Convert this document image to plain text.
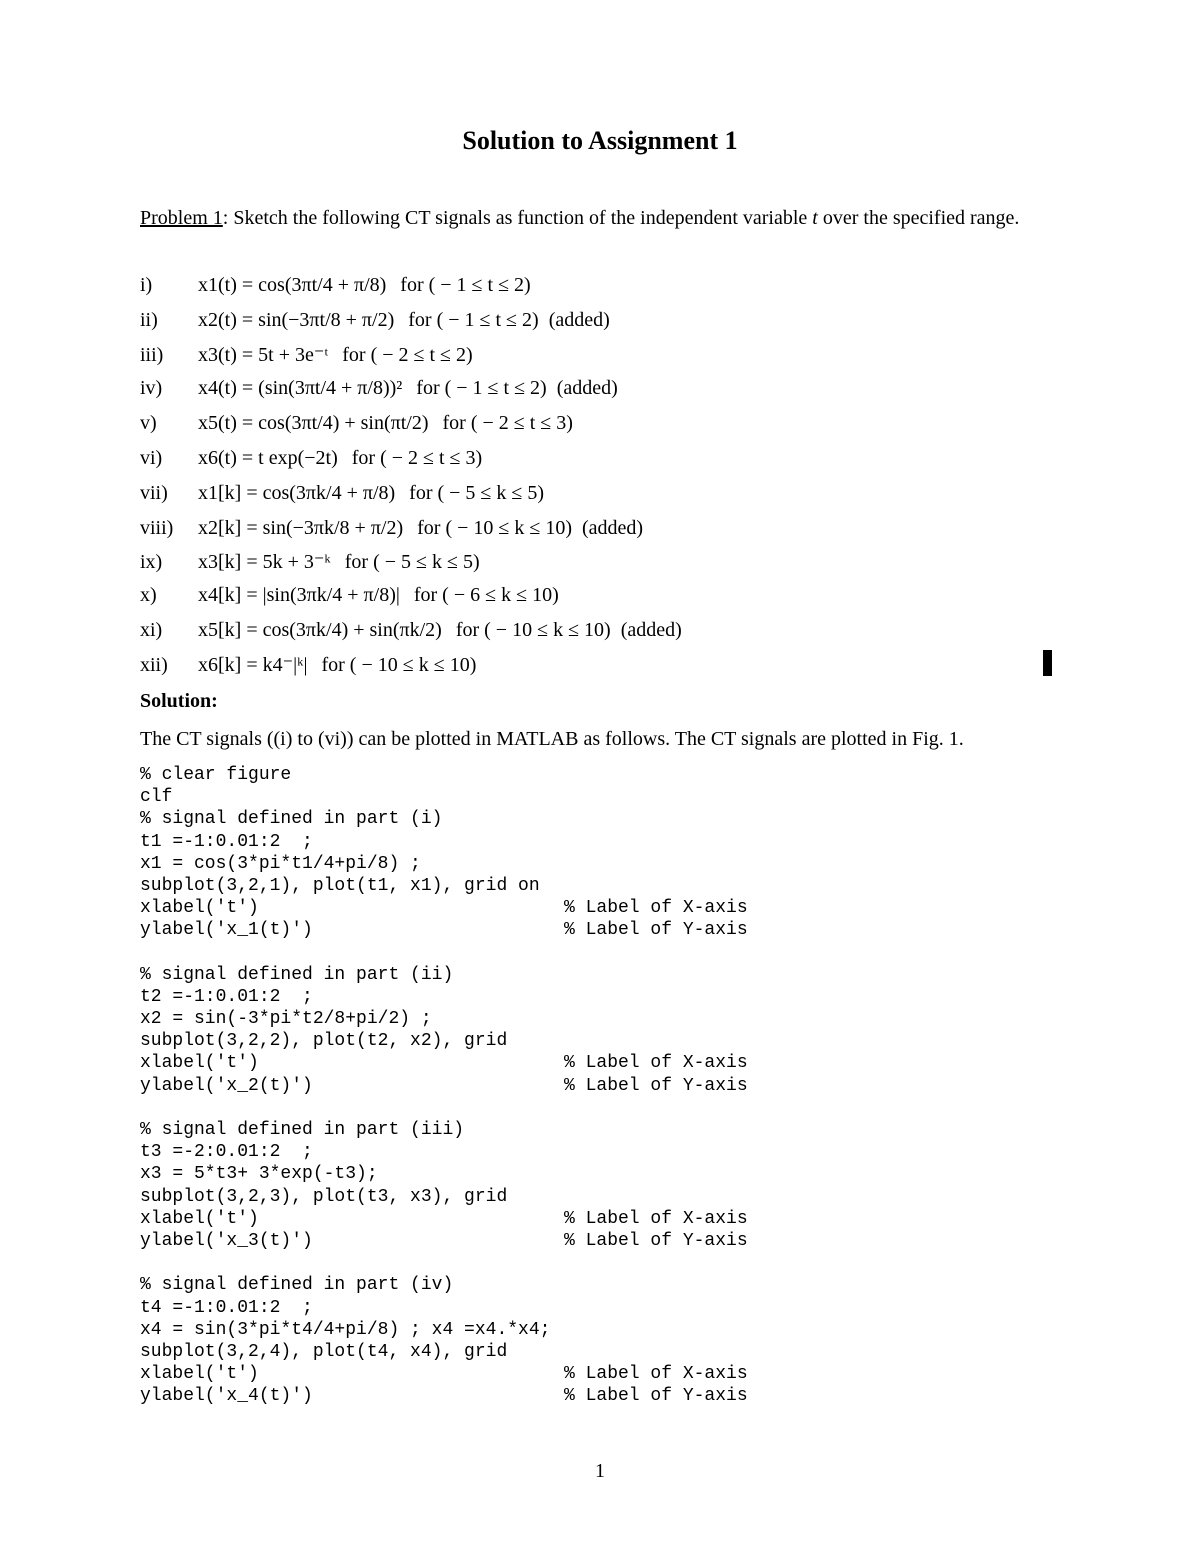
Solution to Assignment 1
Problem 1: Sketch the following CT signals as function of the independent variable t over the specified range.
i) x1(t) = cos(3πt/4 + π/8) for ( − 1 ≤ t ≤ 2)
ii) x2(t) = sin(−3πt/8 + π/2) for ( − 1 ≤ t ≤ 2) (added)
iii) x3(t) = 5t + 3e⁻ᵗ for ( − 2 ≤ t ≤ 2)
iv) x4(t) = (sin(3πt/4 + π/8))² for ( − 1 ≤ t ≤ 2) (added)
v) x5(t) = cos(3πt/4) + sin(πt/2) for ( − 2 ≤ t ≤ 3)
vi) x6(t) = t exp(−2t) for ( − 2 ≤ t ≤ 3)
vii) x1[k] = cos(3πk/4 + π/8) for ( − 5 ≤ k ≤ 5)
viii) x2[k] = sin(−3πk/8 + π/2) for ( − 10 ≤ k ≤ 10) (added)
ix) x3[k] = 5k + 3⁻ᵏ for ( − 5 ≤ k ≤ 5)
x) x4[k] = |sin(3πk/4 + π/8)| for ( − 6 ≤ k ≤ 10)
xi) x5[k] = cos(3πk/4) + sin(πk/2) for ( − 10 ≤ k ≤ 10) (added)
xii) x6[k] = k4⁻|ᵏ| for ( − 10 ≤ k ≤ 10)
Solution:
The CT signals ((i) to (vi)) can be plotted in MATLAB as follows. The CT signals are plotted in Fig. 1.
% clear figure
clf
% signal defined in part (i)
t1 =-1:0.01:2  ;
x1 = cos(3*pi*t1/4+pi/8) ;
subplot(3,2,1), plot(t1, x1), grid on
xlabel('t')	% Label of X-axis
ylabel('x_1(t)')	% Label of Y-axis
% signal defined in part (ii)
t2 =-1:0.01:2  ;
x2 = sin(-3*pi*t2/8+pi/2) ;
subplot(3,2,2), plot(t2, x2), grid
xlabel('t')	% Label of X-axis
ylabel('x_2(t)')	% Label of Y-axis
% signal defined in part (iii)
t3 =-2:0.01:2  ;
x3 = 5*t3+ 3*exp(-t3);
subplot(3,2,3), plot(t3, x3), grid
xlabel('t')	% Label of X-axis
ylabel('x_3(t)')	% Label of Y-axis
% signal defined in part (iv)
t4 =-1:0.01:2  ;
x4 = sin(3*pi*t4/4+pi/8) ; x4 =x4.*x4;
subplot(3,2,4), plot(t4, x4), grid
xlabel('t')	% Label of X-axis
ylabel('x_4(t)')	% Label of Y-axis
1
